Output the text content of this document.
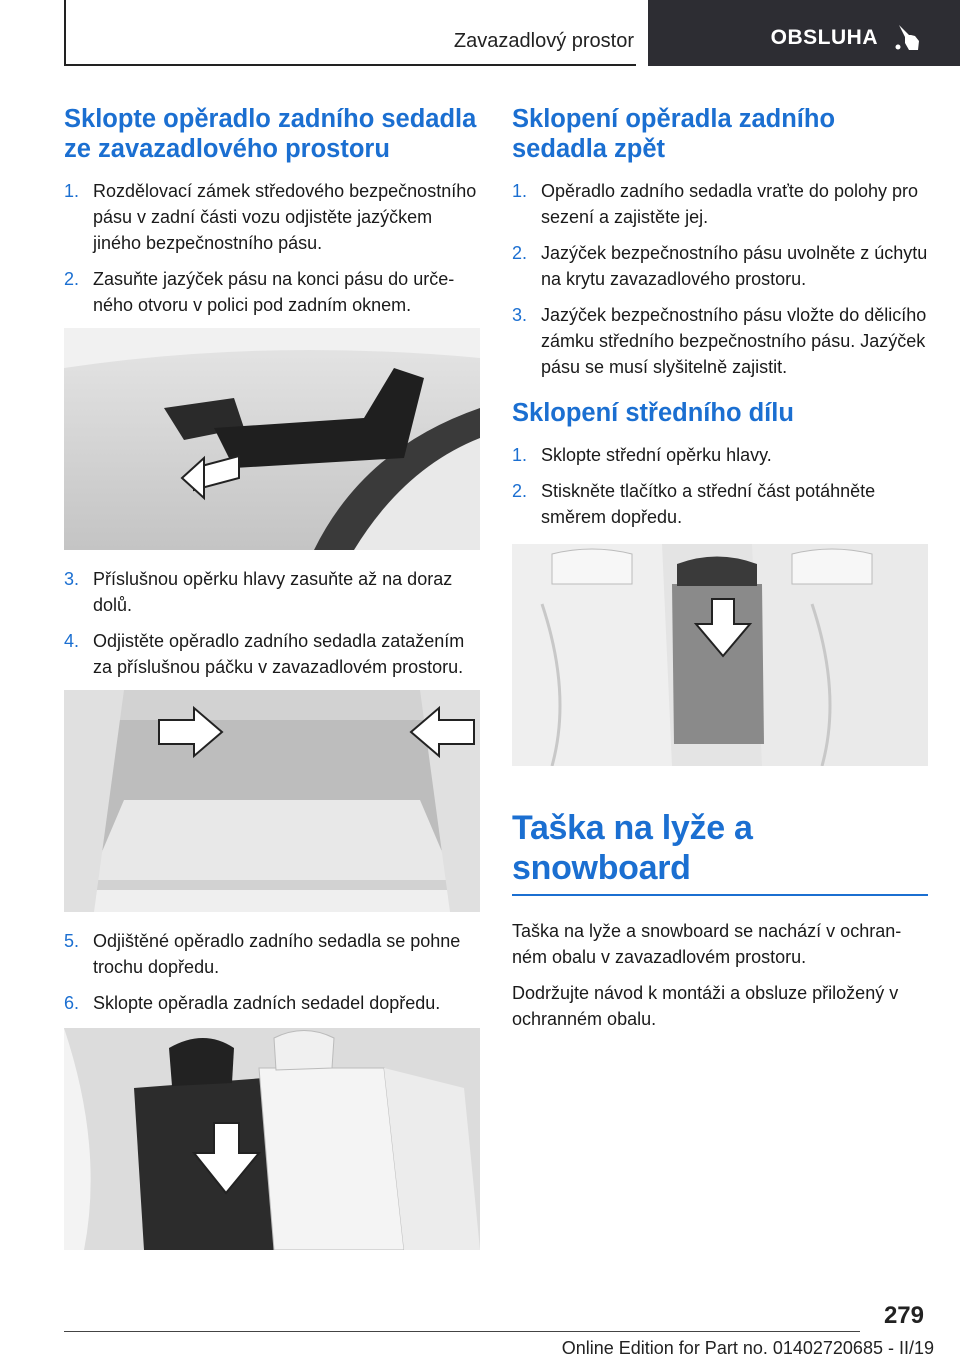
Zavazadlový prostor	OBSLUHA
Sklopte opěradlo zadního sedadla ze zavazadlového prostoru
1. Rozdělovací zámek středového bezpečnostního pásu v zadní části vozu odjistěte jazýčkem jiného bezpečnostního pásu.
2. Zasuňte jazýček pásu na konci pásu do určeného otvoru v polici pod zadním oknem.
3. Příslušnou opěrku hlavy zasuňte až na doraz dolů.
4. Odjistěte opěradlo zadního sedadla zatažením za příslušnou páčku v zavazadlovém prostoru.
5. Odjištěné opěradlo zadního sedadla se pohne trochu dopředu.
6. Sklopte opěradla zadních sedadel dopředu.
Sklopení opěradla zadního sedadla zpět
1. Opěradlo zadního sedadla vraťte do polohy pro sezení a zajistěte jej.
2. Jazýček bezpečnostního pásu uvolněte z úchytu na krytu zavazadlového prostoru.
3. Jazýček bezpečnostního pásu vložte do dělicího zámku středního bezpečnostního pásu. Jazýček pásu se musí slyšitelně zajistit.
Sklopení středního dílu
1. Sklopte střední opěrku hlavy.
2. Stiskněte tlačítko a střední část potáhněte směrem dopředu.
Taška na lyže a snowboard

Taška na lyže a snowboard se nachází v ochranném obalu v zavazadlovém prostoru.

Dodržujte návod k montáži a obsluze přiložený v ochranném obalu.

279
Online Edition for Part no. 01402720685 - II/19
